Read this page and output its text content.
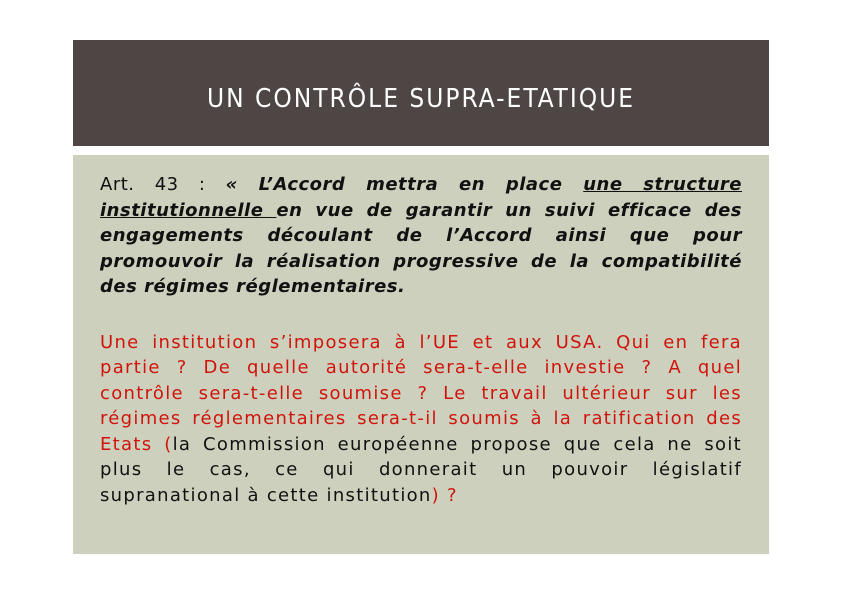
UN CONTRÔLE SUPRA-ETATIQUE

Art. 43 : « L’Accord mettra en place une structure institutionnelle en vue de garantir un suivi efficace des engagements découlant de l’Accord ainsi que pour promouvoir la réalisation progressive de la compatibilité des régimes réglementaires.

Une institution s’imposera à l’UE et aux USA. Qui en fera partie ? De quelle autorité sera-t-elle investie ? A quel contrôle sera-t-elle soumise ? Le travail ultérieur sur les régimes réglementaires sera-t-il soumis à la ratification des Etats (la Commission européenne propose que cela ne soit plus le cas, ce qui donnerait un pouvoir législatif supranational à cette institution) ?
